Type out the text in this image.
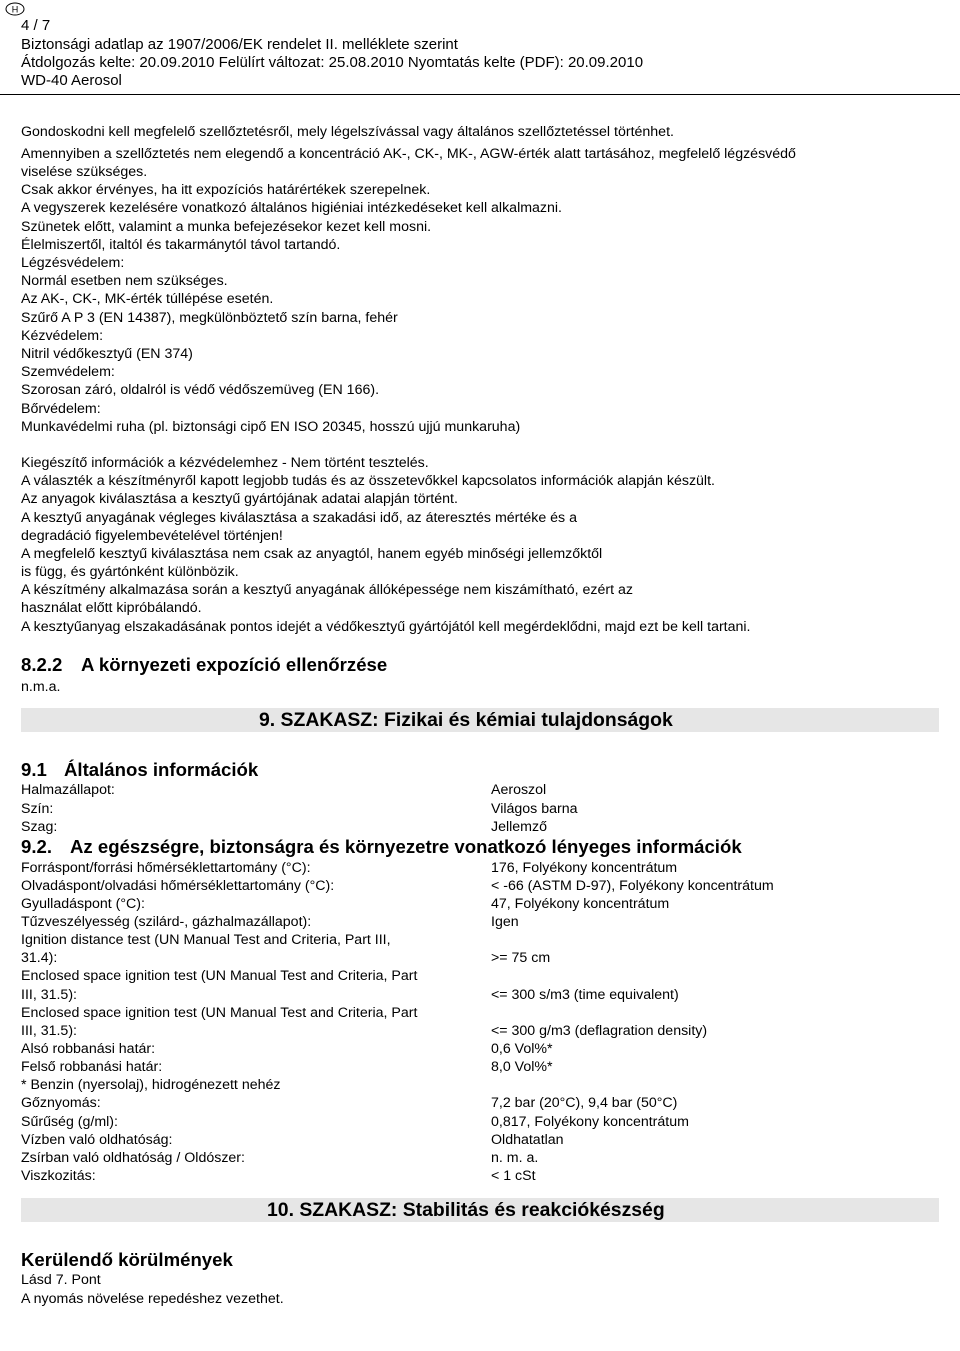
H
4 / 7
Biztonsági adatlap az 1907/2006/EK rendelet II. melléklete szerint
Átdolgozás kelte: 20.09.2010 Felülírt változat: 25.08.2010 Nyomtatás kelte (PDF): 20.09.2010
WD-40 Aerosol
Gondoskodni kell megfelelő szellőztetésről, mely légelszívással vagy általános szellőztetéssel történhet.
Amennyiben a szellőztetés nem elegendő a koncentráció AK-, CK-, MK-, AGW-érték alatt tartásához, megfelelő légzésvédő
viselése szükséges.
Csak akkor érvényes, ha itt expozíciós határértékek szerepelnek.
A vegyszerek kezelésére vonatkozó általános higiéniai intézkedéseket kell alkalmazni.
Szünetek előtt, valamint a munka befejezésekor kezet kell mosni.
Élelmiszertől, italtól és takarmánytól távol tartandó.
Légzésvédelem:
Normál esetben nem szükséges.
Az AK-, CK-, MK-érték túllépése esetén.
Szűrő A P 3 (EN 14387), megkülönböztető szín barna, fehér
Kézvédelem:
Nitril védőkesztyű (EN 374)
Szemvédelem:
Szorosan záró, oldalról is védő védőszemüveg (EN 166).
Bőrvédelem:
Munkavédelmi ruha (pl. biztonsági cipő EN ISO 20345, hosszú ujjú munkaruha)
Kiegészítő információk a kézvédelemhez - Nem történt tesztelés.
A választék a készítményről kapott legjobb tudás és az összetevőkkel kapcsolatos információk alapján készült.
Az anyagok kiválasztása a kesztyű gyártójának adatai alapján történt.
A kesztyű anyagának végleges kiválasztása a szakadási idő, az áteresztés mértéke és a
degradáció figyelembevételével történjen!
A megfelelő kesztyű kiválasztása nem csak az anyagtól, hanem egyéb minőségi jellemzőktől
is függ, és gyártónként különbözik.
A készítmény alkalmazása során a kesztyű anyagának állóképessége nem kiszámítható, ezért az
használat előtt kipróbálandó.
A kesztyűanyag elszakadásának pontos idejét a védőkesztyű gyártójától kell megérdeklődni, majd ezt be kell tartani.
8.2.2 A környezeti expozíció ellenőrzése
n.m.a.
9. SZAKASZ: Fizikai és kémiai tulajdonságok
9.1 Általános információk
Halmazállapot:	Aeroszol
Szín:	Világos barna
Szag:	Jellemző
9.2. Az egészségre, biztonságra és környezetre vonatkozó lényeges információk
Forráspont/forrási hőmérséklettartomány (°C):	176, Folyékony koncentrátum
Olvadáspont/olvadási hőmérséklettartomány (°C):	< -66 (ASTM D-97), Folyékony koncentrátum
Gyulladáspont (°C):	47, Folyékony koncentrátum
Tűzveszélyesség (szilárd-, gázhalmazállapot):	Igen
Ignition distance test (UN Manual Test and Criteria, Part III,
31.4):	>= 75 cm
Enclosed space ignition test (UN Manual Test and Criteria, Part
III, 31.5):	<= 300 s/m3 (time equivalent)
Enclosed space ignition test (UN Manual Test and Criteria, Part
III, 31.5):	<= 300 g/m3 (deflagration density)
Alsó robbanási határ:	0,6 Vol%*
Felső robbanási határ:	8,0 Vol%*
* Benzin (nyersolaj), hidrogénezett nehéz
Gőznyomás:	7,2 bar (20°C), 9,4 bar (50°C)
Sűrűség (g/ml):	0,817, Folyékony koncentrátum
Vízben való oldhatóság:	Oldhatatlan
Zsírban való oldhatóság / Oldószer:	n. m. a.
Viszkozitás:	< 1 cSt
10. SZAKASZ: Stabilitás és reakciókészség
Kerülendő körülmények
Lásd 7. Pont
A nyomás növelése repedéshez vezethet.
